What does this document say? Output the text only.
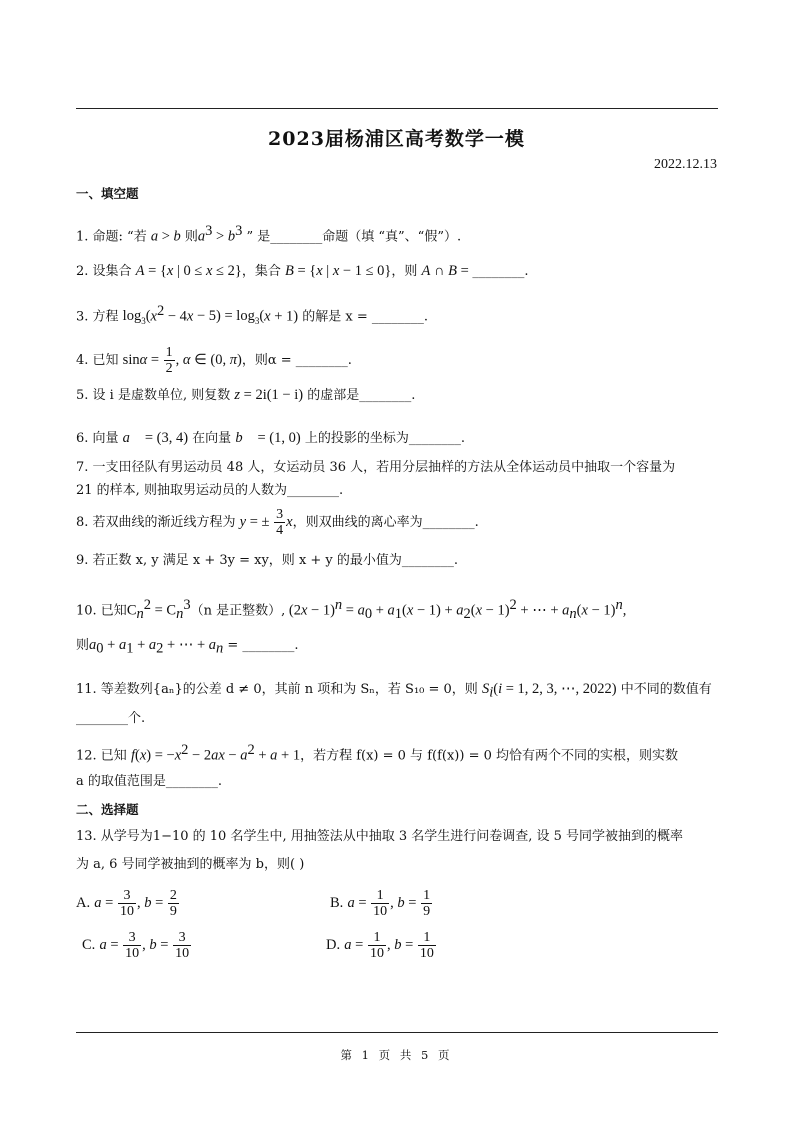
2023届杨浦区高考数学一模
2022.12.13
一、填空题
1. 命题: “若 a > b 则$a^3 > b^3$ ” 是________命题（填 “真”、“假”）.
2. 设集合 A = {x | 0 ≤ x ≤ 2}，集合 B = {x | x − 1 ≤ 0}，则 A ∩ B = ________.
3. 方程 $\log_3(x^2 - 4x - 5) = \log_3(x + 1)$ 的解是 x = ________.
4. 已知 $\sin\alpha = \frac{1}{2}$ , α ∈ (0, π)，则α = ________.
5. 设 i 是虚数单位, 则复数 z = 2i(1 − i) 的虚部是________.
6. 向量 a⃗ = (3, 4) 在向量 b⃗ = (1, 0) 上的投影的坐标为________.
7. 一支田径队有男运动员 48 人，女运动员 36 人，若用分层抽样的方法从全体运动员中抽取一个容量为
21 的样本, 则抽取男运动员的人数为________.
8. 若双曲线的渐近线方程为 y = ± $\frac{3}{4}$ x，则双曲线的离心率为________.
9. 若正数 x, y 满足 x + 3y = xy，则 x + y 的最小值为________.
10. 已知$C_n^2 = C_n^3(n$ 是正整数）, $(2x - 1)^n = a_0 + a_1(x - 1) + a_2(x - 1)^2$ + ⋯ + $a_n(x - 1)^n$,
则$a_0 + a_1 + a_2$ + ⋯ + $a_n$ = ________.
11. 等差数列{aₙ}的公差 d ≠ 0，其前 n 项和为 Sₙ，若 S₁₀ = 0，则 $S_i(i = 1$, 2, 3, ⋯, 2022) 中不同的数值有
________个.
12. 已知 $f(x) = -x^2 - 2ax - a^2 + a + 1$，若方程 f(x) = 0 与 f(f(x)) = 0 均恰有两个不同的实根，则实数
a 的取值范围是________.
二、选择题
13. 从学号为1−10 的 10 名学生中, 用抽签法从中抽取 3 名学生进行问卷调查, 设 5 号同学被抽到的概率
为 a, 6 号同学被抽到的概率为 b，则( )
A. $a = \frac{3}{10}$ , $b = \frac{2}{9}$	B. $a = \frac{1}{10}$ , $b = \frac{1}{9}$
C. $a = \frac{3}{10}$ , $b = \frac{3}{10}$	D. $a = \frac{1}{10}$ , $b = \frac{1}{10}$
第 1 页 共 5 页
